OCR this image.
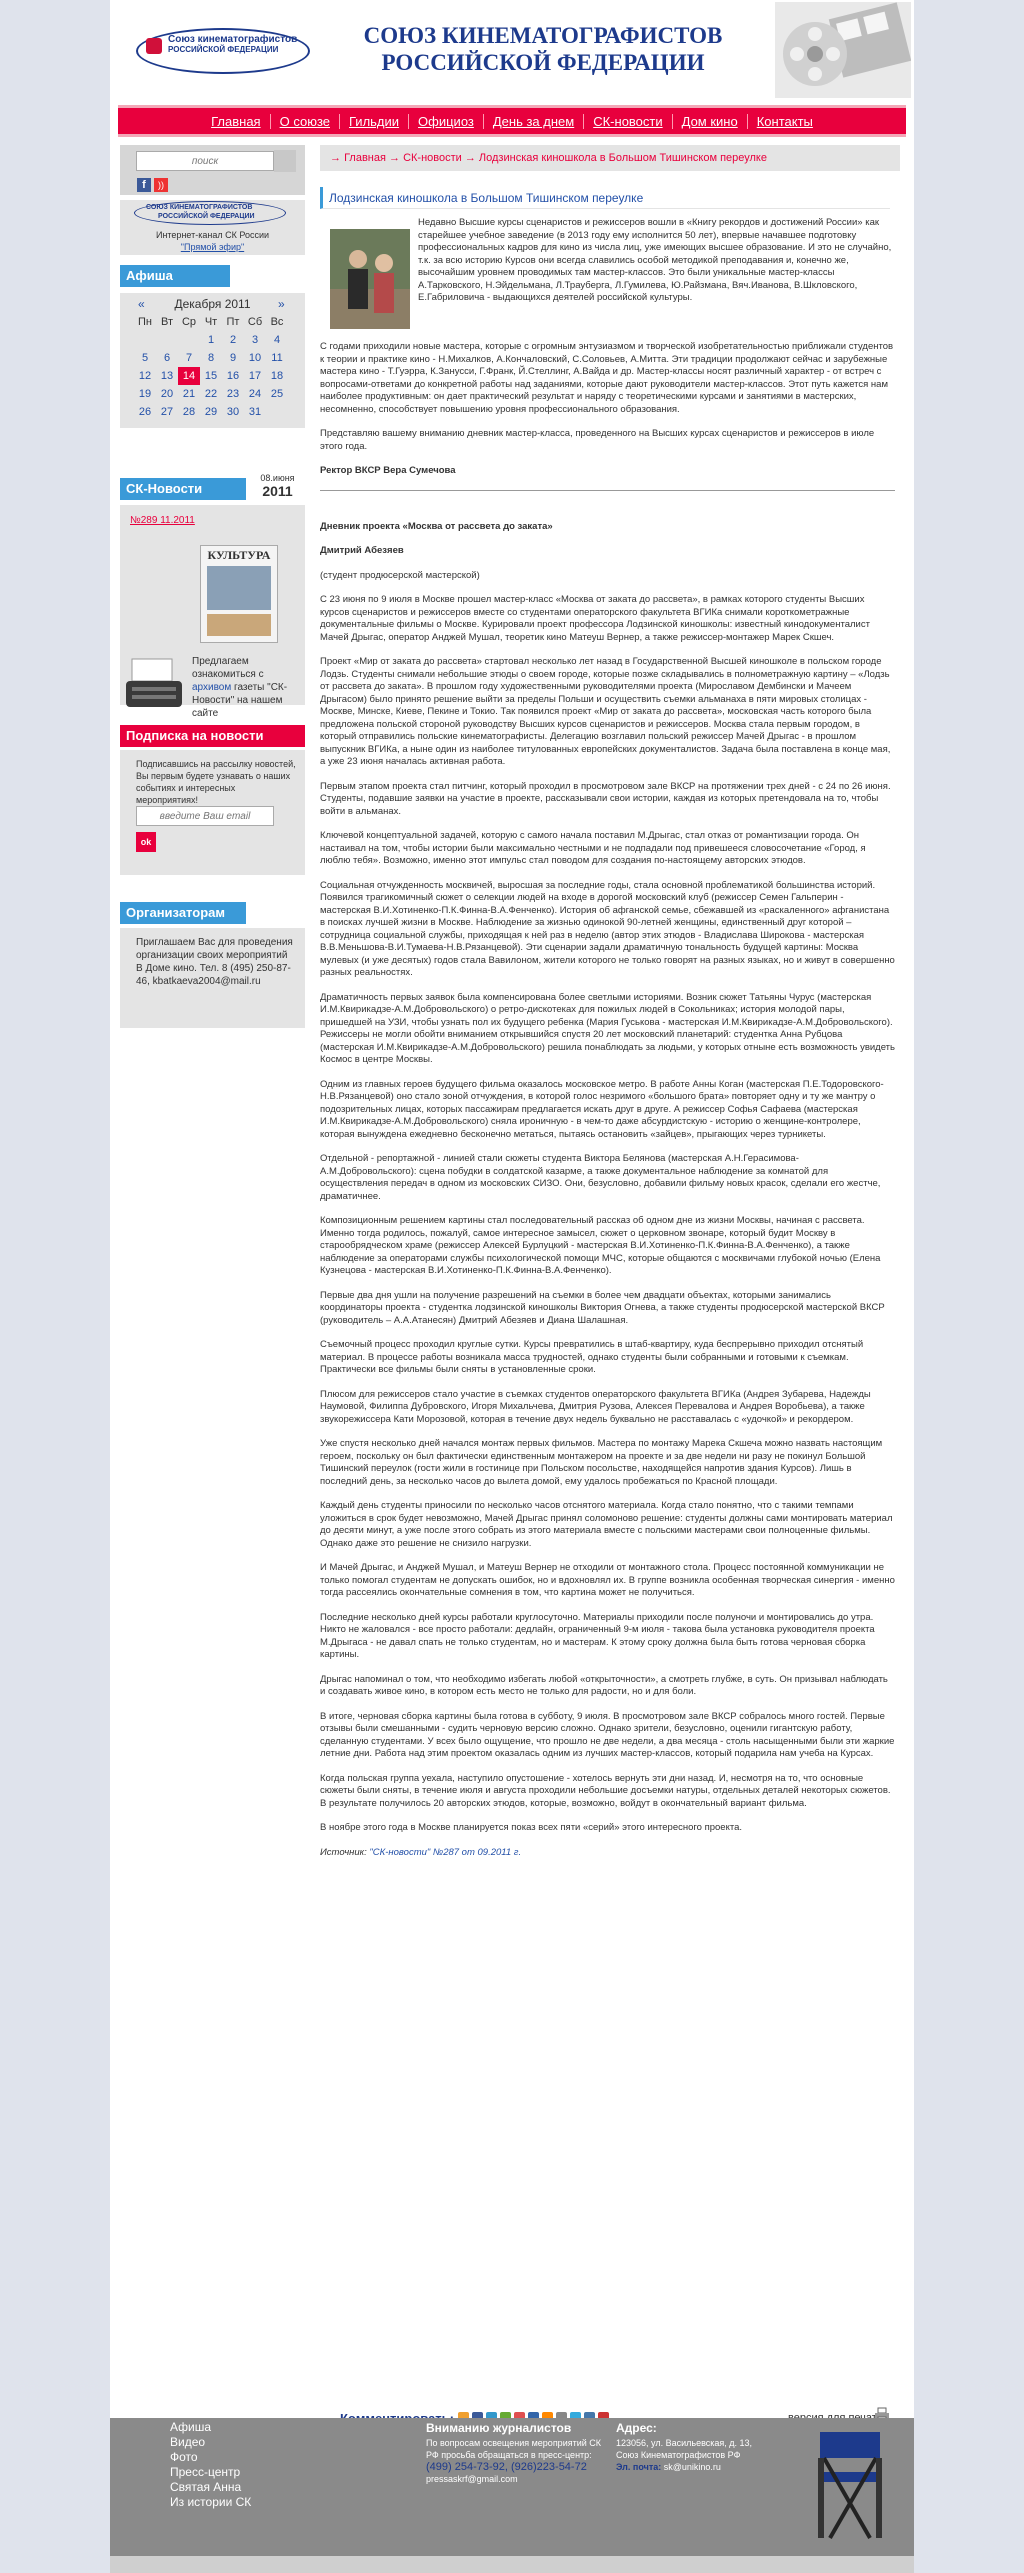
Союз кинематографистов
РОССИЙСКОЙ ФЕДЕРАЦИИ
СОЮЗ КИНЕМАТОГРАФИСТОВ
РОССИЙСКОЙ ФЕДЕРАЦИИ
Главная	О союзе	Гильдии	Официоз	День за днем	СК-новости	Дом кино	Контакты
поиск
f	))
СОЮЗ КИНЕМАТОГРАФИСТОВ
РОССИЙСКОЙ ФЕДЕРАЦИИ
Интернет-канал СК России
"Прямой эфир"
Афиша
«	Декабря 2011	»
Пн	Вт	Ср	Чт	Пт	Сб	Вс
			1	2	3	4
5	6	7	8	9	10	11
12	13	14	15	16	17	18
19	20	21	22	23	24	25
26	27	28	29	30	31	
СК-Новости
08.июня
2011
№289 11.2011
КУЛЬТУРА
Предлагаем ознакомиться с архивом газеты "СК-Новости" на нашем сайте
Подписка на новости
Подписавшись на рассылку новостей, Вы первым будете узнавать о наших событиях и интересных мероприятиях!
введите Ваш email
ok
Организаторам
Приглашаем Вас для проведения организации своих мероприятий В Доме кино. Тел. 8 (495) 250-87-46, kbatkaeva2004@mail.ru
→ Главная → СК-новости → Лодзинская киношкола в Большом Тишинском переулке
Лодзинская киношкола в Большом Тишинском переулке

Недавно Высшие курсы сценаристов и режиссеров вошли в «Книгу рекордов и достижений России» как старейшее учебное заведение (в 2013 году ему исполнится 50 лет), впервые начавшее подготовку профессиональных кадров для кино из числа лиц, уже имеющих высшее образование. И это не случайно, т.к. за всю историю Курсов они всегда славились особой методикой преподавания и, конечно же, высочайшим уровнем проводимых там мастер-классов. Это были уникальные мастер-классы А.Тарковского, Н.Эйдельмана, Л.Трауберга, Л.Гумилева, Ю.Райзмана, Вяч.Иванова, В.Шкловского, Е.Габриловича - выдающихся деятелей российской культуры.

С годами приходили новые мастера, которые с огромным энтузиазмом и творческой изобретательностью приближали студентов к теории и практике кино - Н.Михалков, А.Кончаловский, С.Соловьев, А.Митта. Эти традиции продолжают сейчас и зарубежные мастера кино - Т.Гуэрра, К.Занусси, Г.Франк, Й.Стеллинг, А.Вайда и др. Мастер-классы носят различный характер - от встреч с вопросами-ответами до конкретной работы над заданиями, которые дают руководители мастер-классов. Этот путь кажется нам наиболее продуктивным: он дает практический результат и наряду с теоретическими курсами и занятиями в мастерских, несомненно, способствует повышению уровня профессионального образования.

Представляю вашему вниманию дневник мастер-класса, проведенного на Высших курсах сценаристов и режиссеров в июле этого года.

Ректор ВКСР Вера Сумечова

Дневник проекта «Москва от рассвета до заката»

Дмитрий Абезяев

(студент продюсерской мастерской)

С 23 июня по 9 июля в Москве прошел мастер-класс «Москва от заката до рассвета», в рамках которого студенты Высших курсов сценаристов и режиссеров вместе со студентами операторского факультета ВГИКа снимали короткометражные документальные фильмы о Москве. Курировали проект профессора Лодзинской киношколы: известный кинодокументалист Мачей Дрыгас, оператор Анджей Мушал, теоретик кино Матеуш Вернер, а также режиссер-монтажер Марек Скшеч.

Проект «Мир от заката до рассвета» стартовал несколько лет назад в Государственной Высшей киношколе в польском городе Лодзь. Студенты снимали небольшие этюды о своем городе, которые позже складывались в полнометражную картину – «Лодзь от рассвета до заката». В прошлом году художественными руководителями проекта (Мирославом Дембински и Мачеем Дрыгасом) было принято решение выйти за пределы Польши и осуществить съемки альманаха в пяти мировых столицах - Москве, Минске, Киеве, Пекине и Токио. Так появился проект «Мир от заката до рассвета», московская часть которого была предложена польской стороной руководству Высших курсов сценаристов и режиссеров. Москва стала первым городом, в который отправились польские кинематографисты. Делегацию возглавил польский режиссер Мачей Дрыгас - в прошлом выпускник ВГИКа, а ныне один из наиболее титулованных европейских документалистов. Задача была поставлена в конце мая, а уже 23 июня началась активная работа.

Первым этапом проекта стал питчинг, который проходил в просмотровом зале ВКСР на протяжении трех дней - с 24 по 26 июня. Студенты, подавшие заявки на участие в проекте, рассказывали свои истории, каждая из которых претендовала на то, чтобы войти в альманах.

Ключевой концептуальной задачей, которую с самого начала поставил М.Дрыгас, стал отказ от романтизации города. Он настаивал на том, чтобы истории были максимально честными и не подпадали под привешееся словосочетание «Город, я люблю тебя». Возможно, именно этот импульс стал поводом для создания по-настоящему авторских этюдов.

Социальная отчужденность москвичей, выросшая за последние годы, стала основной проблематикой большинства историй. Появился трагикомичный сюжет о селекции людей на входе в дорогой московский клуб (режиссер Семен Гальперин - мастерская В.И.Хотиненко-П.К.Финна-В.А.Фенченко). История об афганской семье, сбежавшей из «раскаленного» афганистана в поисках лучшей жизни в Москве. Наблюдение за жизнью одинокой 90-летней женщины, единственный друг которой – сотрудница социальной службы, приходящая к ней раз в неделю (автор этих этюдов - Владислава Широкова - мастерская В.В.Меньшова-В.И.Тумаева-Н.В.Рязанцевой). Эти сценарии задали драматичную тональность будущей картины: Москва мулевых (и уже десятых) годов стала Вавилоном, жители которого не только говорят на разных языках, но и живут в совершенно разных реальностях.

Драматичность первых заявок была компенсирована более светлыми историями. Возник сюжет Татьяны Чурус (мастерская И.М.Квирикадзе-А.М.Добровольского) о ретро-дискотеках для пожилых людей в Сокольниках; история молодой пары, пришедшей на УЗИ, чтобы узнать пол их будущего ребенка (Мария Гуськова - мастерская И.М.Квирикадзе-А.М.Добровольского). Режиссеры не могли обойти вниманием открывшийся спустя 20 лет московский планетарий: студентка Анна Рубцова (мастерская И.М.Квирикадзе-А.М.Добровольского) решила понаблюдать за людьми, у которых отныне есть возможность увидеть Космос в центре Москвы.

Одним из главных героев будущего фильма оказалось московское метро. В работе Анны Коган (мастерская П.Е.Тодоровского-Н.В.Рязанцевой) оно стало зоной отчуждения, в которой голос незримого «большого брата» повторяет одну и ту же мантру о подозрительных лицах, которых пассажирам предлагается искать друг в друге. А режиссер Софья Сафаева (мастерская И.М.Квирикадзе-А.М.Добровольского) сняла ироничную - в чем-то даже абсурдистскую - историю о женщине-контролере, которая вынуждена ежедневно бесконечно метаться, пытаясь остановить «зайцев», прыгающих через турникеты.

Отдельной - репортажной - линией стали сюжеты студента Виктора Белянова (мастерская А.Н.Герасимова-А.М.Добровольского): сцена побудки в солдатской казарме, а также документальное наблюдение за комнатой для осуществления передач в одном из московских СИЗО. Они, безусловно, добавили фильму новых красок, сделали его жестче, драматичнее.

Композиционным решением картины стал последовательный рассказ об одном дне из жизни Москвы, начиная с рассвета. Именно тогда родилось, пожалуй, самое интересное замысел, сюжет о церковном звонаре, который будит Москву в старообрядческом храме (режиссер Алексей Бурлуцкий - мастерская В.И.Хотиненко-П.К.Финна-В.А.Фенченко), а также наблюдение за операторами службы психологической помощи МЧС, которые общаются с москвичами глубокой ночью (Елена Кузнецова - мастерская В.И.Хотиненко-П.К.Финна-В.А.Фенченко).

Первые два дня ушли на получение разрешений на съемки в более чем двадцати объектах, которыми занимались координаторы проекта - студентка лодзинской киношколы Виктория Огнева, а также студенты продюсерской мастерской ВКСР (руководитель – А.А.Атанесян) Дмитрий Абезяев и Диана Шалашная.

Съемочный процесс проходил круглые сутки. Курсы превратились в штаб-квартиру, куда беспрерывно приходил отснятый материал. В процессе работы возникала масса трудностей, однако студенты были собранными и готовыми к съемкам. Практически все фильмы были сняты в установленные сроки.

Плюсом для режиссеров стало участие в съемках студентов операторского факультета ВГИКа (Андрея Зубарева, Надежды Наумовой, Филиппа Дубровского, Игоря Михальчева, Дмитрия Рузова, Алексея Перевалова и Андрея Воробьева), а также звукорежиссера Кати Морозовой, которая в течение двух недель буквально не расставалась с «удочкой» и рекордером.

Уже спустя несколько дней начался монтаж первых фильмов. Мастера по монтажу Марека Скшеча можно назвать настоящим героем, поскольку он был фактически единственным монтажером на проекте и за две недели ни разу не покинул Большой Тишинский переулок (гости жили в гостинице при Польском посольстве, находящейся напротив здания Курсов). Лишь в последний день, за несколько часов до вылета домой, ему удалось пробежаться по Красной площади.

Каждый день студенты приносили по несколько часов отснятого материала. Когда стало понятно, что с такими темпами уложиться в срок будет невозможно, Мачей Дрыгас принял соломоново решение: студенты должны сами монтировать материал до десяти минут, а уже после этого собрать из этого материала вместе с польскими мастерами свои полноценные фильмы. Однако даже это решение не снизило нагрузки.

И Мачей Дрыгас, и Анджей Мушал, и Матеуш Вернер не отходили от монтажного стола. Процесс постоянной коммуникации не только помогал студентам не допускать ошибок, но и вдохновлял их. В группе возникла особенная творческая синергия - именно тогда рассеялись окончательные сомнения в том, что картина может не получиться.

Последние несколько дней курсы работали круглосуточно. Материалы приходили после полуночи и монтировались до утра. Никто не жаловался - все просто работали: дедлайн, ограниченный 9-м июля - такова была установка руководителя проекта М.Дрыгаса - не давал спать не только студентам, но и мастерам. К этому сроку должна была быть готова черновая сборка картины.

Дрыгас напоминал о том, что необходимо избегать любой «открыточности», а смотреть глубже, в суть. Он призывал наблюдать и создавать живое кино, в котором есть место не только для радости, но и для боли.

В итоге, черновая сборка картины была готова в субботу, 9 июля. В просмотровом зале ВКСР собралось много гостей. Первые отзывы были смешанными - судить черновую версию сложно. Однако зрители, безусловно, оценили гигантскую работу, сделанную студентами. У всех было ощущение, что прошло не две недели, а два месяца - столь насыщенными были эти жаркие летние дни. Работа над этим проектом оказалась одним из лучших мастер-классов, который подарила нам учеба на Курсах.

Когда польская группа уехала, наступило опустошение - хотелось вернуть эти дни назад. И, несмотря на то, что основные сюжеты были сняты, в течение июля и августа проходили небольшие досъемки натуры, отдельных деталей некоторых сюжетов. В результате получилось 20 авторских этюдов, которые, возможно, войдут в окончательный вариант фильма.

В ноябре этого года в Москве планируется показ всех пяти «серий» этого интересного проекта.

Источник: "СК-новости" №287 от 09.2011 г.

Афиша
Видео
Фото
Пресс-центр
Святая Анна
Из истории СК
Вниманию журналистов
По вопросам освещения мероприятий СК РФ просьба обращаться в пресс-центр:
(499) 254-73-92, (926)223-54-72
pressaskrf@gmail.com
Адрес:
123056, ул. Васильевская, д. 13, Союз Кинематографистов РФ
Эл. почта: sk@unikino.ru
